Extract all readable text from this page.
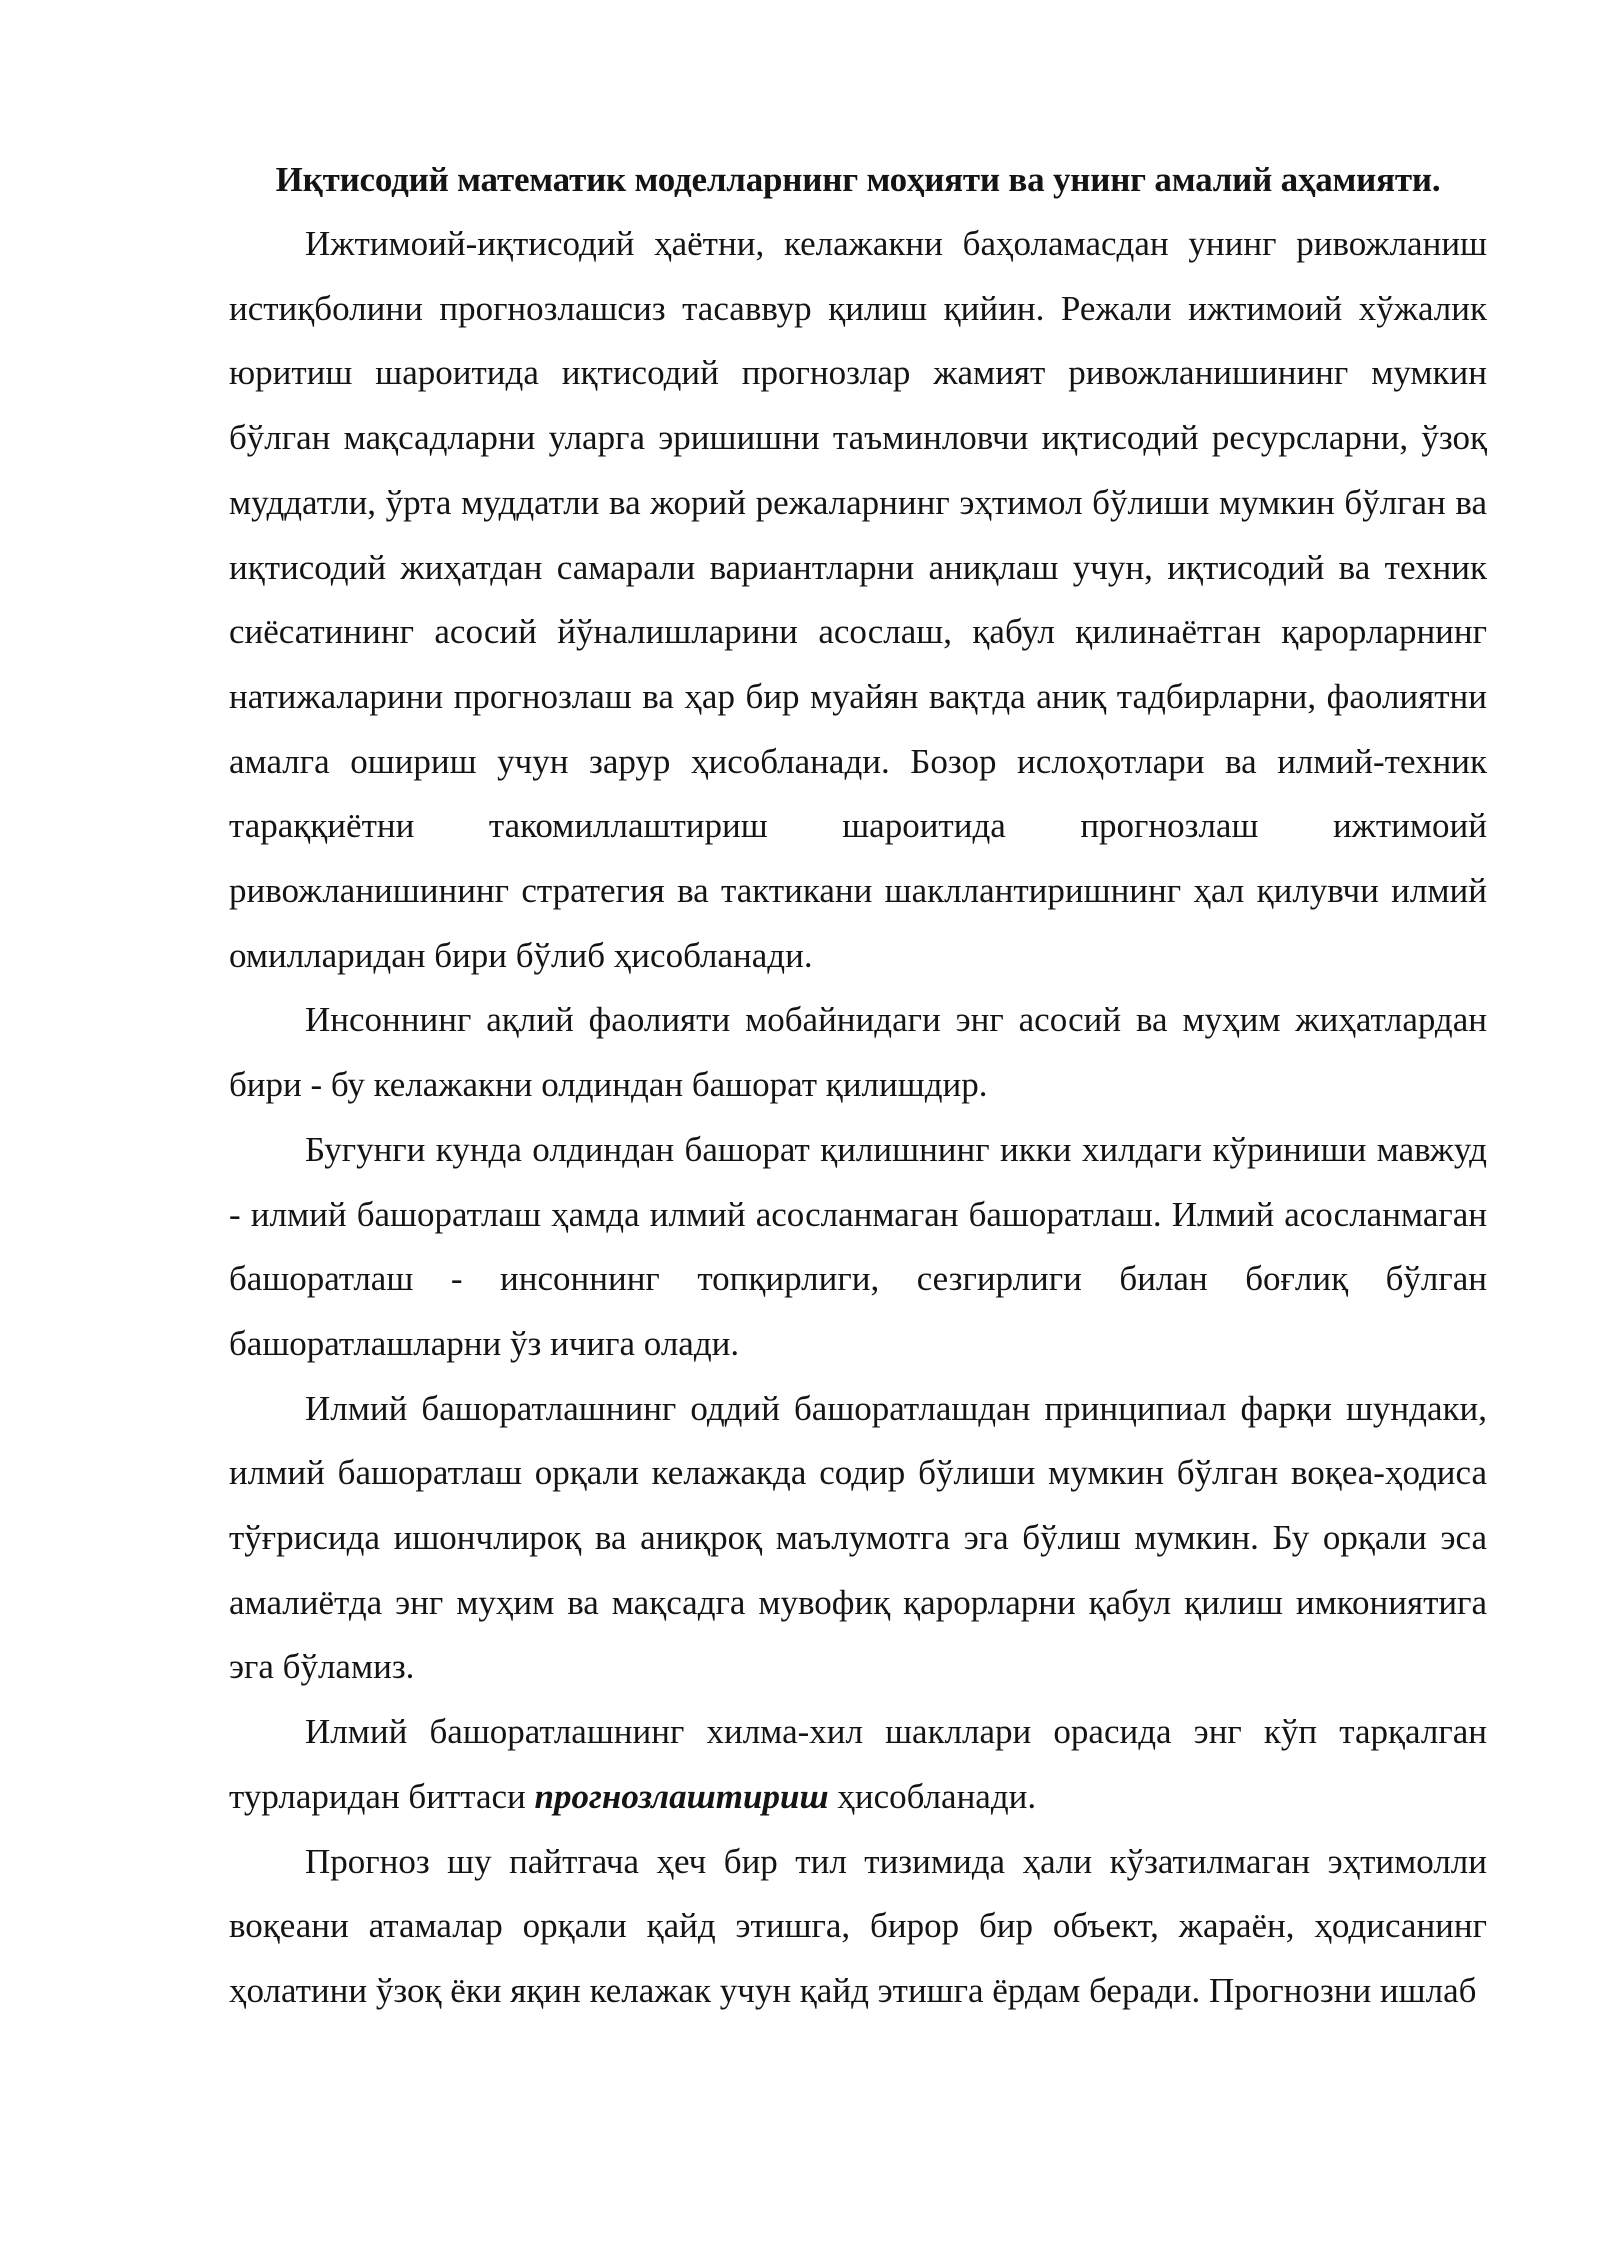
Иқтисодий математик моделларнинг моҳияти ва унинг амалий аҳамияти.

Ижтимоий-иқтисодий ҳаётни, келажакни баҳоламасдан унинг ривожланиш истиқболини прогнозлашсиз тасаввур қилиш қийин. Режали ижтимоий хўжалик юритиш шароитида иқтисодий прогнозлар жамият ривожланишининг мумкин бўлган мақсадларни уларга эришишни таъминловчи иқтисодий ресурсларни, ўзоқ муддатли, ўрта муддатли ва жорий режаларнинг эҳтимол бўлиши мумкин бўлган ва иқтисодий жиҳатдан самарали вариантларни аниқлаш учун, иқтисодий ва техник сиёсатининг асосий йўналишларини асослаш, қабул қилинаётган қарорларнинг натижаларини прогнозлаш ва ҳар бир муайян вақтда аниқ тадбирларни, фаолиятни амалга ошириш учун зарур ҳисобланади. Бозор ислоҳотлари ва илмий-техник тараққиётни такомиллаштириш шароитида прогнозлаш ижтимоий ривожланишининг стратегия ва тактикани шакллантиришнинг ҳал қилувчи илмий омилларидан бири бўлиб ҳисобланади.

Инсоннинг ақлий фаолияти мобайнидаги энг асосий ва муҳим жиҳатлардан бири - бу келажакни олдиндан башорат қилишдир.

Бугунги кунда олдиндан башорат қилишнинг икки хилдаги кўриниши мавжуд - илмий башоратлаш ҳамда илмий асосланмаган башоратлаш. Илмий асосланмаган башоратлаш - инсоннинг топқирлиги, сезгирлиги билан боғлиқ бўлган башоратлашларни ўз ичига олади.

Илмий башоратлашнинг оддий башоратлашдан принципиал фарқи шундаки, илмий башоратлаш орқали келажакда содир бўлиши мумкин бўлган воқеа-ҳодиса тўғрисида ишончлироқ ва аниқроқ маълумотга эга бўлиш мумкин. Бу орқали эса амалиётда энг муҳим ва мақсадга мувофиқ қарорларни қабул қилиш имкониятига эга бўламиз.

Илмий башоратлашнинг хилма-хил шакллари орасида энг кўп тарқалган турларидан биттаси прогнозлаштириш ҳисобланади.

Прогноз шу пайтгача ҳеч бир тил тизимида ҳали кўзатилмаган эҳтимолли воқеани атамалар орқали қайд этишга, бирор бир объект, жараён, ҳодисанинг ҳолатини ўзоқ ёки яқин келажак учун қайд этишга ёрдам беради. Прогнозни ишлаб
